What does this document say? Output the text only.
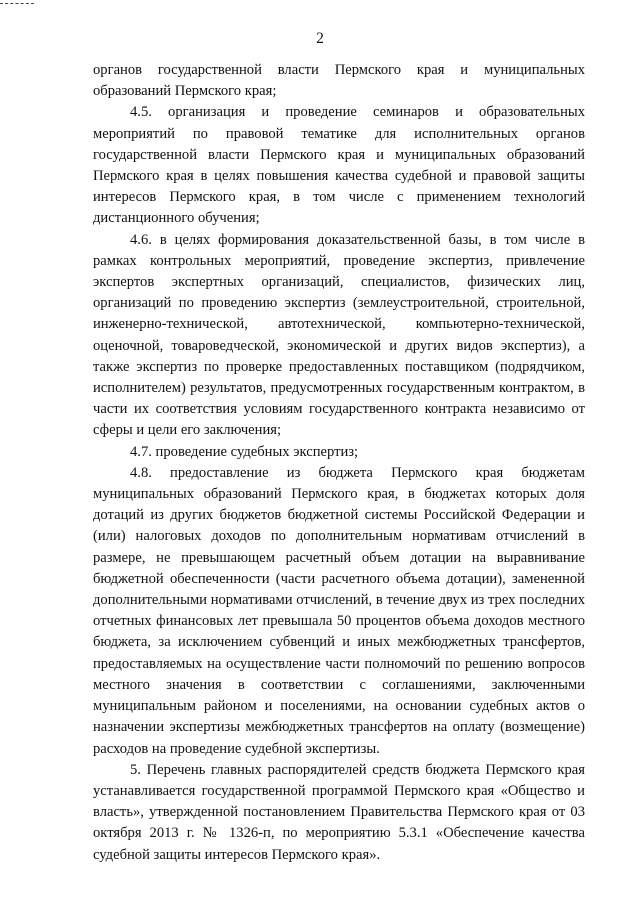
2

органов государственной власти Пермского края и муниципальных образований Пермского края;

4.5. организация и проведение семинаров и образовательных мероприятий по правовой тематике для исполнительных органов государственной власти Пермского края и муниципальных образований Пермского края в целях повышения качества судебной и правовой защиты интересов Пермского края, в том числе с применением технологий дистанционного обучения;

4.6. в целях формирования доказательственной базы, в том числе в рамках контрольных мероприятий, проведение экспертиз, привлечение экспертов экспертных организаций, специалистов, физических лиц, организаций по проведению экспертиз (землеустроительной, строительной, инженерно-технической, автотехнической, компьютерно-технической, оценочной, товароведческой, экономической и других видов экспертиз), а также экспертиз по проверке предоставленных поставщиком (подрядчиком, исполнителем) результатов, предусмотренных государственным контрактом, в части их соответствия условиям государственного контракта независимо от сферы и цели его заключения;

4.7. проведение судебных экспертиз;

4.8. предоставление из бюджета Пермского края бюджетам муниципальных образований Пермского края, в бюджетах которых доля дотаций из других бюджетов бюджетной системы Российской Федерации и (или) налоговых доходов по дополнительным нормативам отчислений в размере, не превышающем расчетный объем дотации на выравнивание бюджетной обеспеченности (части расчетного объема дотации), замененной дополнительными нормативами отчислений, в течение двух из трех последних отчетных финансовых лет превышала 50 процентов объема доходов местного бюджета, за исключением субвенций и иных межбюджетных трансфертов, предоставляемых на осуществление части полномочий по решению вопросов местного значения в соответствии с соглашениями, заключенными муниципальным районом и поселениями, на основании судебных актов о назначении экспертизы межбюджетных трансфертов на оплату (возмещение) расходов на проведение судебной экспертизы.

5. Перечень главных распорядителей средств бюджета Пермского края устанавливается государственной программой Пермского края «Общество и власть», утвержденной постановлением Правительства Пермского края от 03 октября 2013 г. № 1326-п, по мероприятию 5.3.1 «Обеспечение качества судебной защиты интересов Пермского края».
